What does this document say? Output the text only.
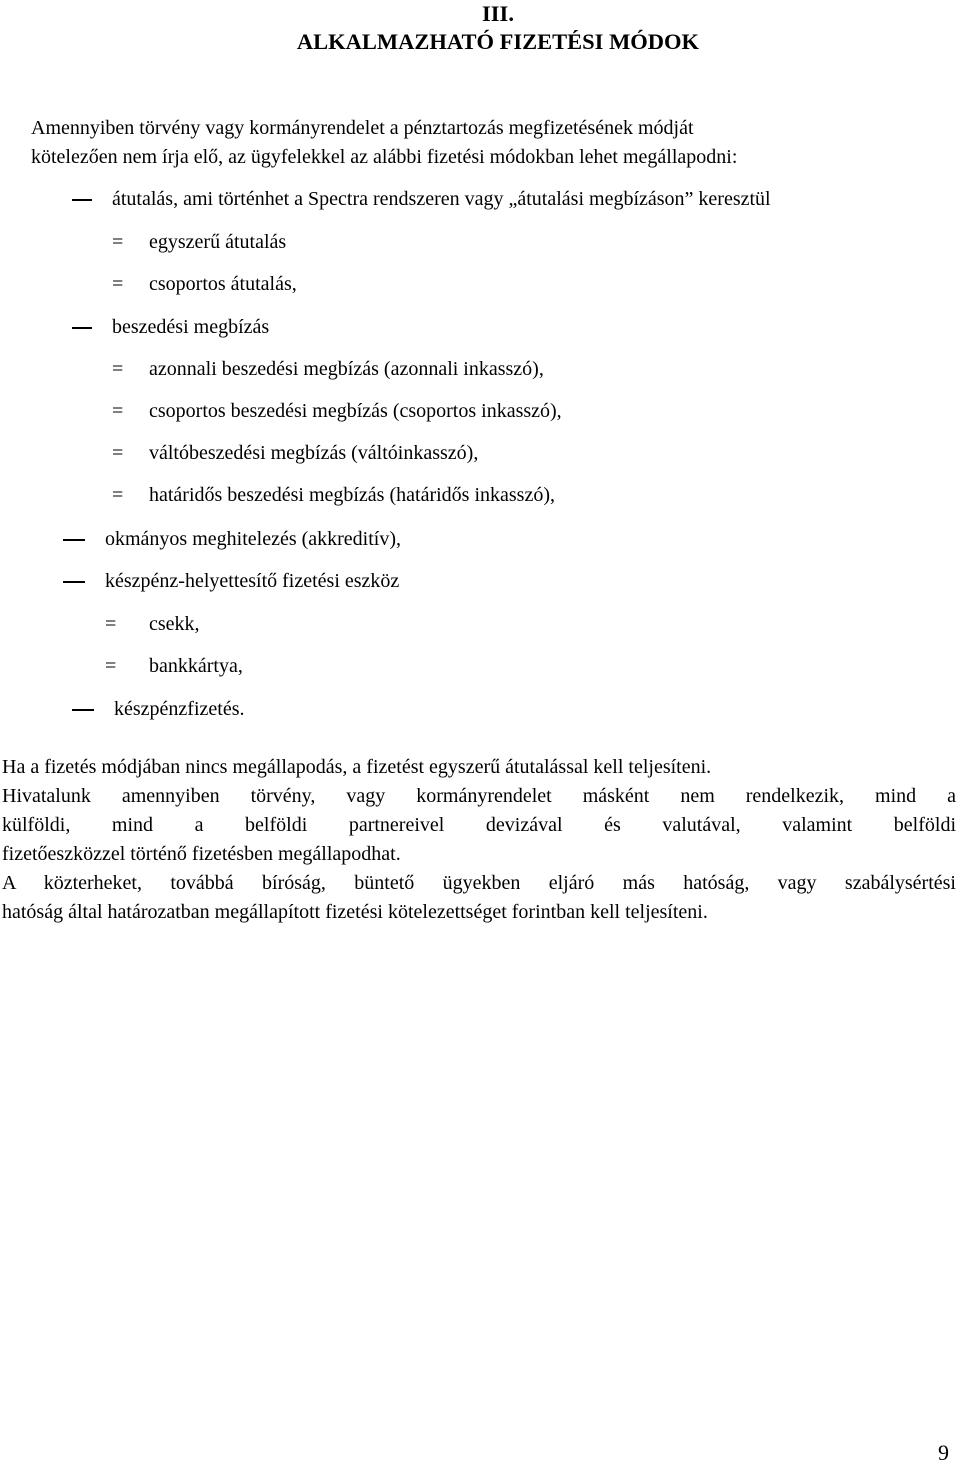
III.
ALKALMAZHATÓ FIZETÉSI MÓDOK
Amennyiben törvény vagy kormányrendelet a pénztartozás megfizetésének módját
kötelezően nem írja elő, az ügyfelekkel az alábbi fizetési módokban lehet megállapodni:
átutalás, ami történhet a Spectra rendszeren vagy „átutalási megbízáson” keresztül
= egyszerű átutalás
= csoportos átutalás,
beszedési megbízás
= azonnali beszedési megbízás (azonnali inkasszó),
= csoportos beszedési megbízás (csoportos inkasszó),
= váltóbeszedési megbízás (váltóinkasszó),
= határidős beszedési megbízás (határidős inkasszó),
okmányos meghitelezés (akkreditív),
készpénz-helyettesítő fizetési eszköz
= csekk,
= bankkártya,
készpénzfizetés.
Ha a fizetés módjában nincs megállapodás, a fizetést egyszerű átutalással kell teljesíteni.
Hivatalunk amennyiben törvény, vagy kormányrendelet másként nem rendelkezik, mind a
külföldi, mind a belföldi partnereivel devizával és valutával, valamint belföldi
fizetőeszközzel történő fizetésben megállapodhat.
A közterheket, továbbá bíróság, büntető ügyekben eljáró más hatóság, vagy szabálysértési
hatóság által határozatban megállapított fizetési kötelezettséget forintban kell teljesíteni.
9
